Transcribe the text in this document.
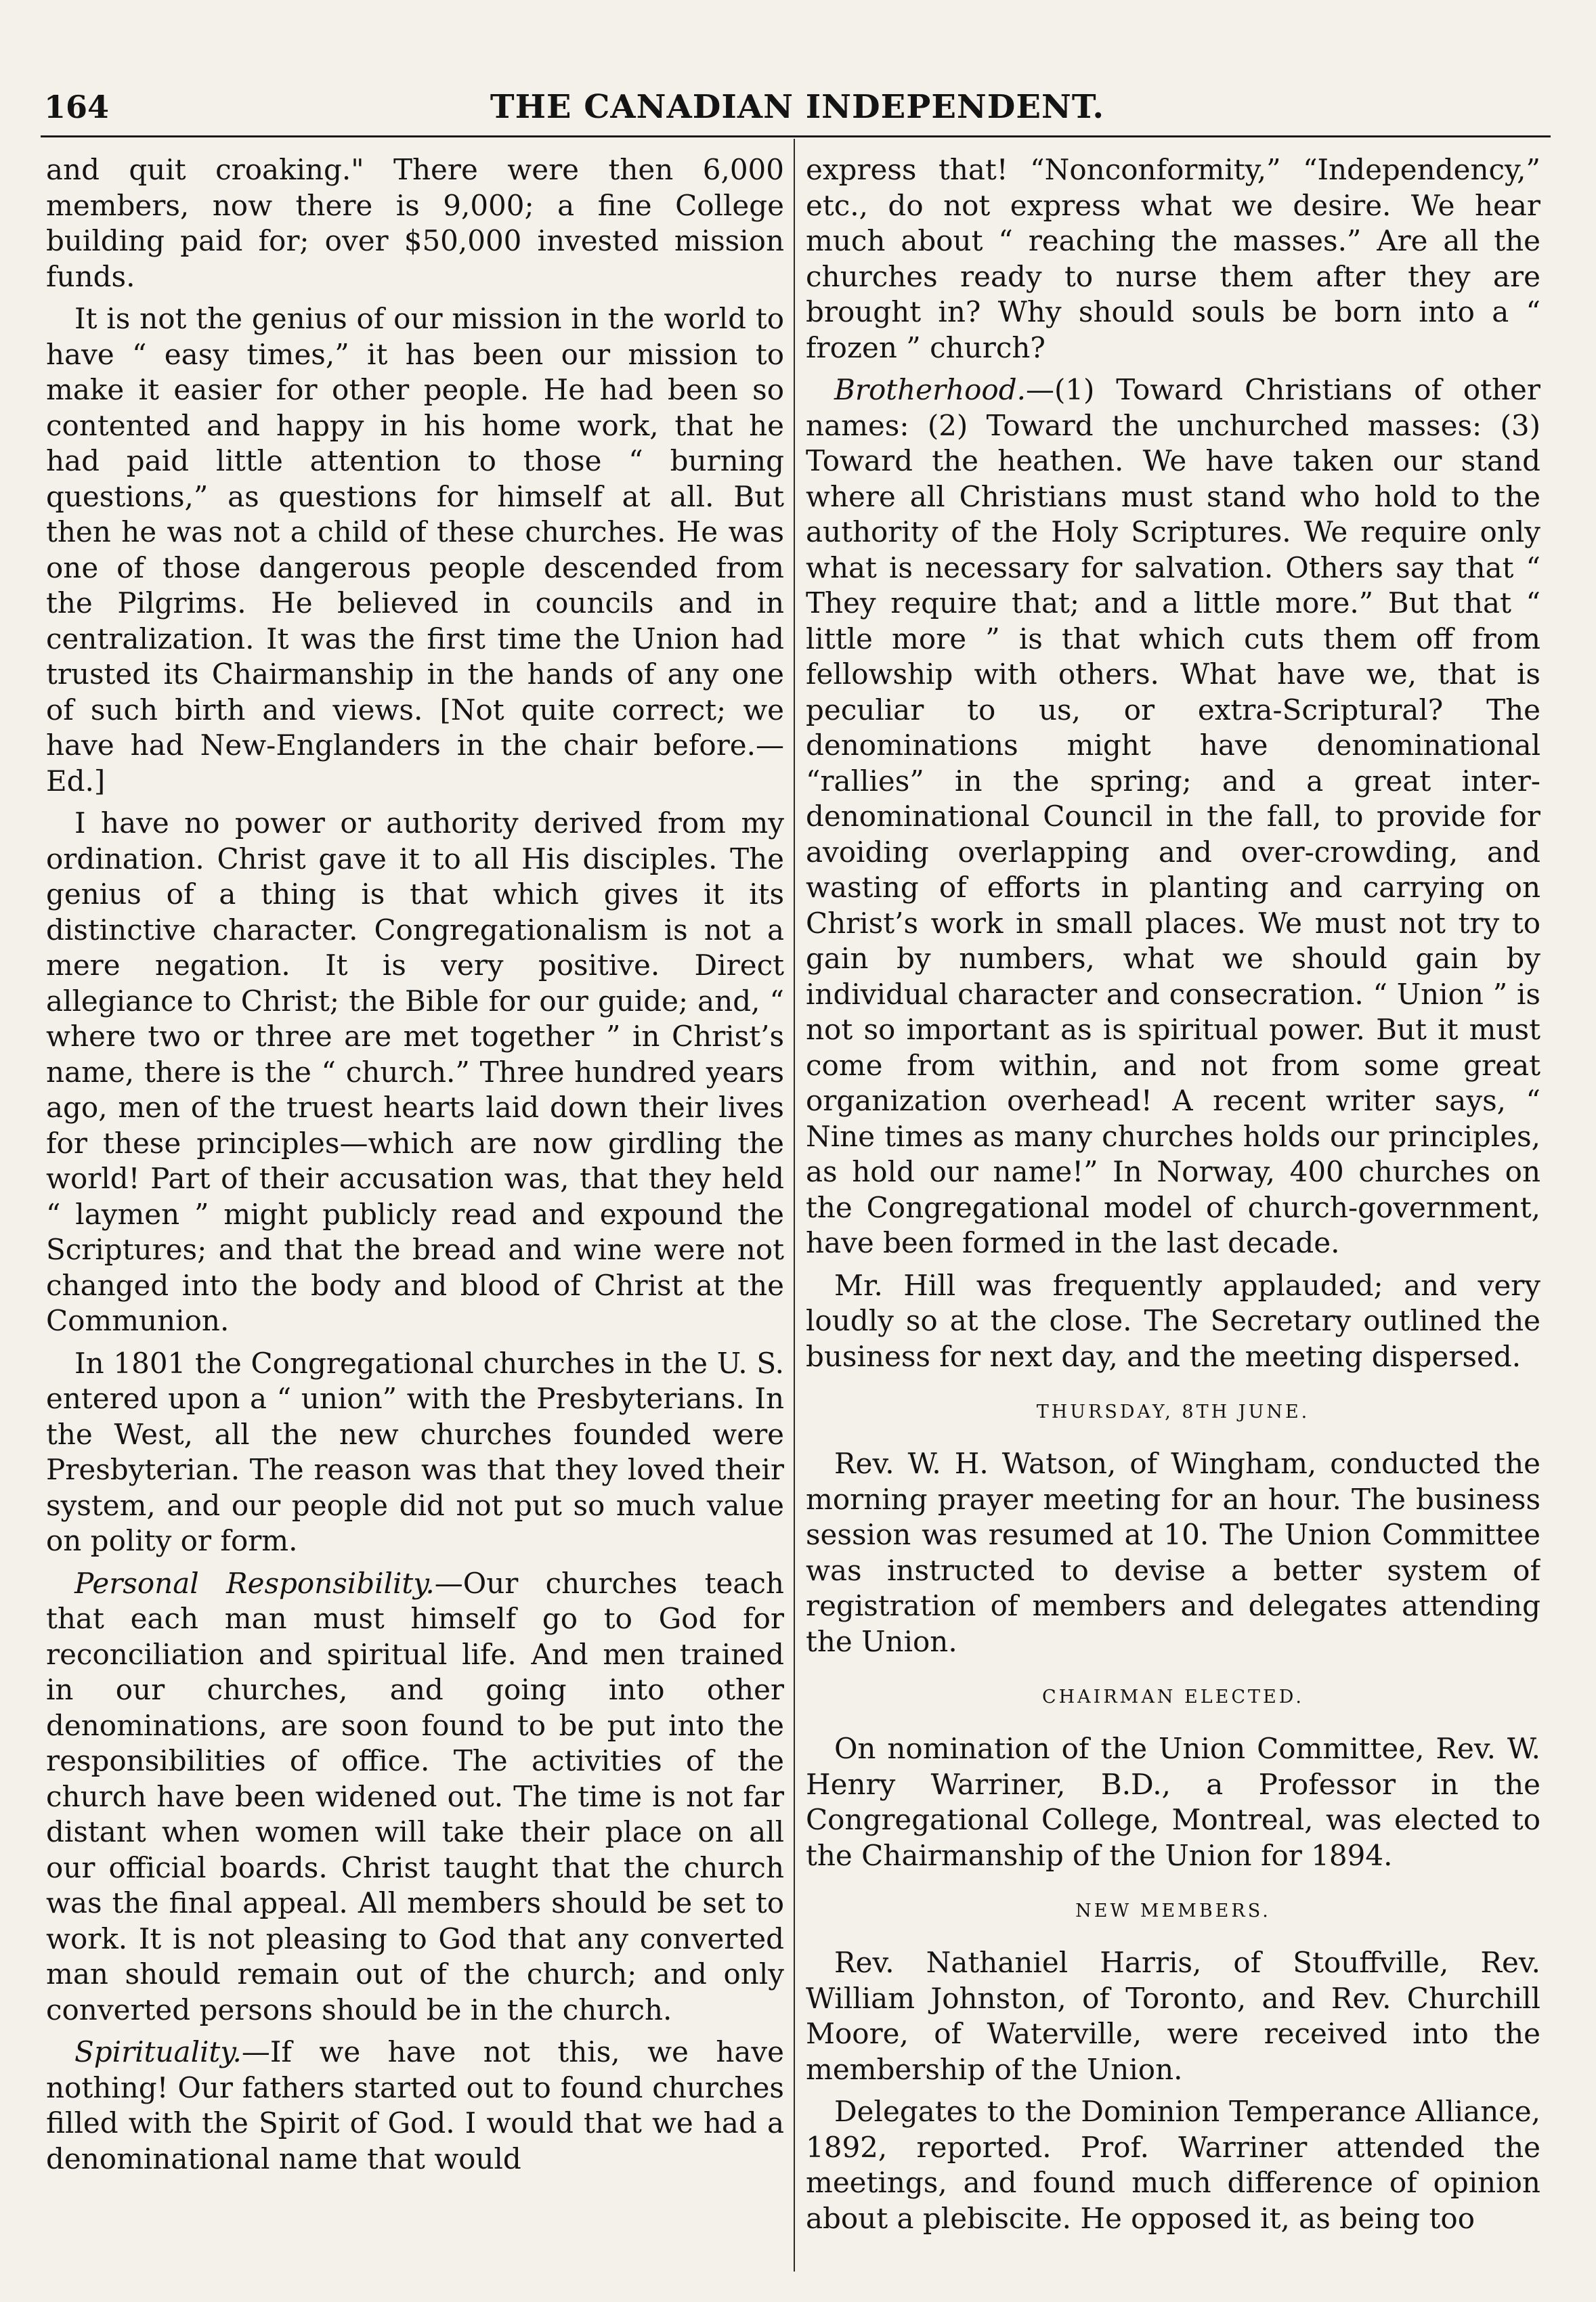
164	THE CANADIAN INDEPENDENT.

and quit croaking." There were then 6,000 members, now there is 9,000; a fine College building paid for; over $50,000 invested mission funds.

It is not the genius of our mission in the world to have “ easy times,” it has been our mission to make it easier for other people. He had been so contented and happy in his home work, that he had paid little attention to those “ burning questions,” as questions for himself at all. But then he was not a child of these churches. He was one of those dangerous people descended from the Pilgrims. He believed in councils and in centralization. It was the first time the Union had trusted its Chairmanship in the hands of any one of such birth and views. [Not quite correct; we have had New-Englanders in the chair before.—Ed.]

I have no power or authority derived from my ordination. Christ gave it to all His disciples. The genius of a thing is that which gives it its distinctive character. Congregationalism is not a mere negation. It is very positive. Direct allegiance to Christ; the Bible for our guide; and, “ where two or three are met together ” in Christ’s name, there is the “ church.” Three hundred years ago, men of the truest hearts laid down their lives for these principles—which are now girdling the world! Part of their accusation was, that they held “ laymen ” might publicly read and expound the Scriptures; and that the bread and wine were not changed into the body and blood of Christ at the Communion.

In 1801 the Congregational churches in the U. S. entered upon a “ union” with the Presbyterians. In the West, all the new churches founded were Presbyterian. The reason was that they loved their system, and our people did not put so much value on polity or form.

Personal Responsibility.—Our churches teach that each man must himself go to God for reconciliation and spiritual life. And men trained in our churches, and going into other denominations, are soon found to be put into the responsibilities of office. The activities of the church have been widened out. The time is not far distant when women will take their place on all our official boards. Christ taught that the church was the final appeal. All members should be set to work. It is not pleasing to God that any converted man should remain out of the church; and only converted persons should be in the church.

Spirituality.—If we have not this, we have nothing! Our fathers started out to found churches filled with the Spirit of God. I would that we had a denominational name that would

express that! “Nonconformity,” “Independency,” etc., do not express what we desire. We hear much about “ reaching the masses.” Are all the churches ready to nurse them after they are brought in? Why should souls be born into a “ frozen ” church?

Brotherhood.—(1) Toward Christians of other names: (2) Toward the unchurched masses: (3) Toward the heathen. We have taken our stand where all Christians must stand who hold to the authority of the Holy Scriptures. We require only what is necessary for salvation. Others say that “ They require that; and a little more.” But that “ little more ” is that which cuts them off from fellowship with others. What have we, that is peculiar to us, or extra-Scriptural? The denominations might have denominational “rallies” in the spring; and a great inter-denominational Council in the fall, to provide for avoiding overlapping and over-crowding, and wasting of efforts in planting and carrying on Christ’s work in small places. We must not try to gain by numbers, what we should gain by individual character and consecration. “ Union ” is not so important as is spiritual power. But it must come from within, and not from some great organization overhead! A recent writer says, “ Nine times as many churches holds our principles, as hold our name!” In Norway, 400 churches on the Congregational model of church-government, have been formed in the last decade.

Mr. Hill was frequently applauded; and very loudly so at the close. The Secretary outlined the business for next day, and the meeting dispersed.

THURSDAY, 8TH JUNE.

Rev. W. H. Watson, of Wingham, conducted the morning prayer meeting for an hour. The business session was resumed at 10. The Union Committee was instructed to devise a better system of registration of members and delegates attending the Union.

CHAIRMAN ELECTED.

On nomination of the Union Committee, Rev. W. Henry Warriner, B.D., a Professor in the Congregational College, Montreal, was elected to the Chairmanship of the Union for 1894.

NEW MEMBERS.

Rev. Nathaniel Harris, of Stouffville, Rev. William Johnston, of Toronto, and Rev. Churchill Moore, of Waterville, were received into the membership of the Union.

Delegates to the Dominion Temperance Alliance, 1892, reported. Prof. Warriner attended the meetings, and found much difference of opinion about a plebiscite. He opposed it, as being too
